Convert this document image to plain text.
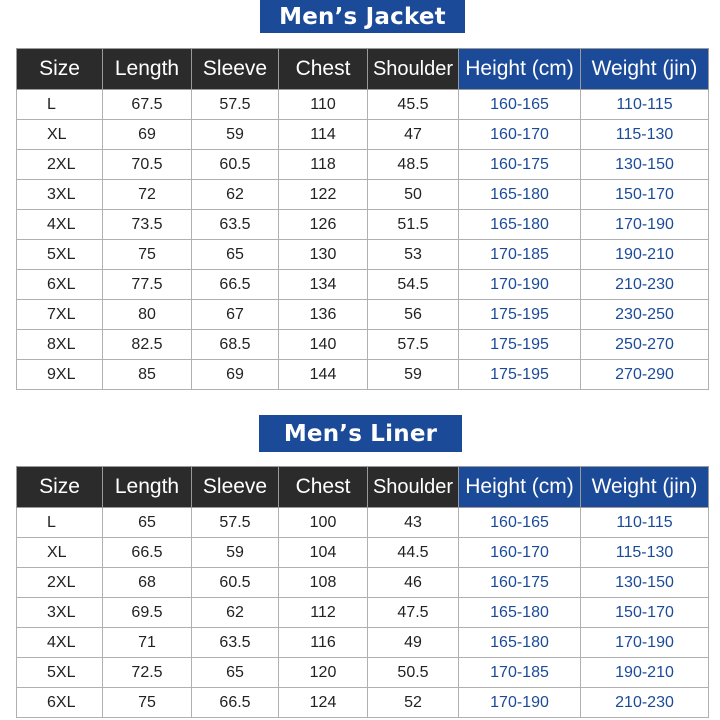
Men’s Jacket
Size	Length	Sleeve	Chest	Shoulder	Height (cm)	Weight (jin)
L	67.5	57.5	110	45.5	160-165	110-115
XL	69	59	114	47	160-170	115-130
2XL	70.5	60.5	118	48.5	160-175	130-150
3XL	72	62	122	50	165-180	150-170
4XL	73.5	63.5	126	51.5	165-180	170-190
5XL	75	65	130	53	170-185	190-210
6XL	77.5	66.5	134	54.5	170-190	210-230
7XL	80	67	136	56	175-195	230-250
8XL	82.5	68.5	140	57.5	175-195	250-270
9XL	85	69	144	59	175-195	270-290
Men’s Liner
Size	Length	Sleeve	Chest	Shoulder	Height (cm)	Weight (jin)
L	65	57.5	100	43	160-165	110-115
XL	66.5	59	104	44.5	160-170	115-130
2XL	68	60.5	108	46	160-175	130-150
3XL	69.5	62	112	47.5	165-180	150-170
4XL	71	63.5	116	49	165-180	170-190
5XL	72.5	65	120	50.5	170-185	190-210
6XL	75	66.5	124	52	170-190	210-230
